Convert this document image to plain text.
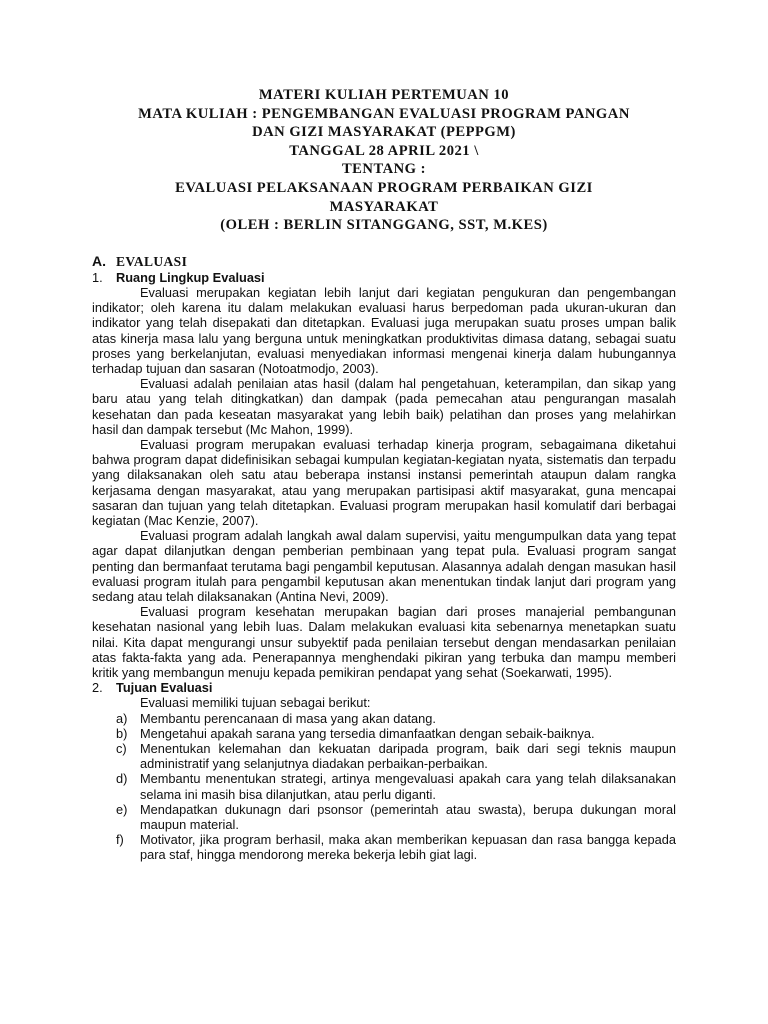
MATERI KULIAH PERTEMUAN 10
MATA KULIAH : PENGEMBANGAN EVALUASI PROGRAM PANGAN
DAN GIZI MASYARAKAT (PEPPGM)
TANGGAL 28 APRIL 2021 \
TENTANG :
EVALUASI PELAKSANAAN PROGRAM PERBAIKAN GIZI
MASYARAKAT
(OLEH : BERLIN SITANGGANG, SST, M.KES)
A. EVALUASI
1.	Ruang Lingkup Evaluasi

Evaluasi merupakan kegiatan lebih lanjut dari kegiatan pengukuran dan pengembangan indikator; oleh karena itu dalam melakukan evaluasi harus berpedoman pada ukuran-ukuran dan indikator yang telah disepakati dan ditetapkan. Evaluasi juga merupakan suatu proses umpan balik atas kinerja masa lalu yang berguna untuk meningkatkan produktivitas dimasa datang, sebagai suatu proses yang berkelanjutan, evaluasi menyediakan informasi mengenai kinerja dalam hubungannya terhadap tujuan dan sasaran (Notoatmodjo, 2003).

Evaluasi adalah penilaian atas hasil (dalam hal pengetahuan, keterampilan, dan sikap yang baru atau yang telah ditingkatkan) dan dampak (pada pemecahan atau pengurangan masalah kesehatan dan pada keseatan masyarakat yang lebih baik) pelatihan dan proses yang melahirkan hasil dan dampak tersebut (Mc Mahon, 1999).

Evaluasi program merupakan evaluasi terhadap kinerja program, sebagaimana diketahui bahwa program dapat didefinisikan sebagai kumpulan kegiatan-kegiatan nyata, sistematis dan terpadu yang dilaksanakan oleh satu atau beberapa instansi instansi pemerintah ataupun dalam rangka kerjasama dengan masyarakat, atau yang merupakan partisipasi aktif masyarakat, guna mencapai sasaran dan tujuan yang telah ditetapkan. Evaluasi program merupakan hasil komulatif dari berbagai kegiatan (Mac Kenzie, 2007).

Evaluasi program adalah langkah awal dalam supervisi, yaitu mengumpulkan data yang tepat agar dapat dilanjutkan dengan pemberian pembinaan yang tepat pula. Evaluasi program sangat penting dan bermanfaat terutama bagi pengambil keputusan. Alasannya adalah dengan masukan hasil evaluasi program itulah para pengambil keputusan akan menentukan tindak lanjut dari program yang sedang atau telah dilaksanakan (Antina Nevi, 2009).

Evaluasi program kesehatan merupakan bagian dari proses manajerial pembangunan kesehatan nasional yang lebih luas. Dalam melakukan evaluasi kita sebenarnya menetapkan suatu nilai. Kita dapat mengurangi unsur subyektif pada penilaian tersebut dengan mendasarkan penilaian atas fakta-fakta yang ada. Penerapannya menghendaki pikiran yang terbuka dan mampu memberi kritik yang membangun menuju kepada pemikiran pendapat yang sehat (Soekarwati, 1995).

2.	Tujuan Evaluasi
Evaluasi memiliki tujuan sebagai berikut:
a) Membantu perencanaan di masa yang akan datang.
b) Mengetahui apakah sarana yang tersedia dimanfaatkan dengan sebaik-baiknya.
c)	Menentukan kelemahan dan kekuatan daripada program, baik dari segi teknis maupun administratif yang selanjutnya diadakan perbaikan-perbaikan.
d) Membantu menentukan strategi, artinya mengevaluasi apakah cara yang telah dilaksanakan selama ini masih bisa dilanjutkan, atau perlu diganti.
e) Mendapatkan dukunagn dari psonsor (pemerintah atau swasta), berupa dukungan moral maupun material.
f)	Motivator, jika program berhasil, maka akan memberikan kepuasan dan rasa bangga kepada para staf, hingga mendorong mereka bekerja lebih giat lagi.
